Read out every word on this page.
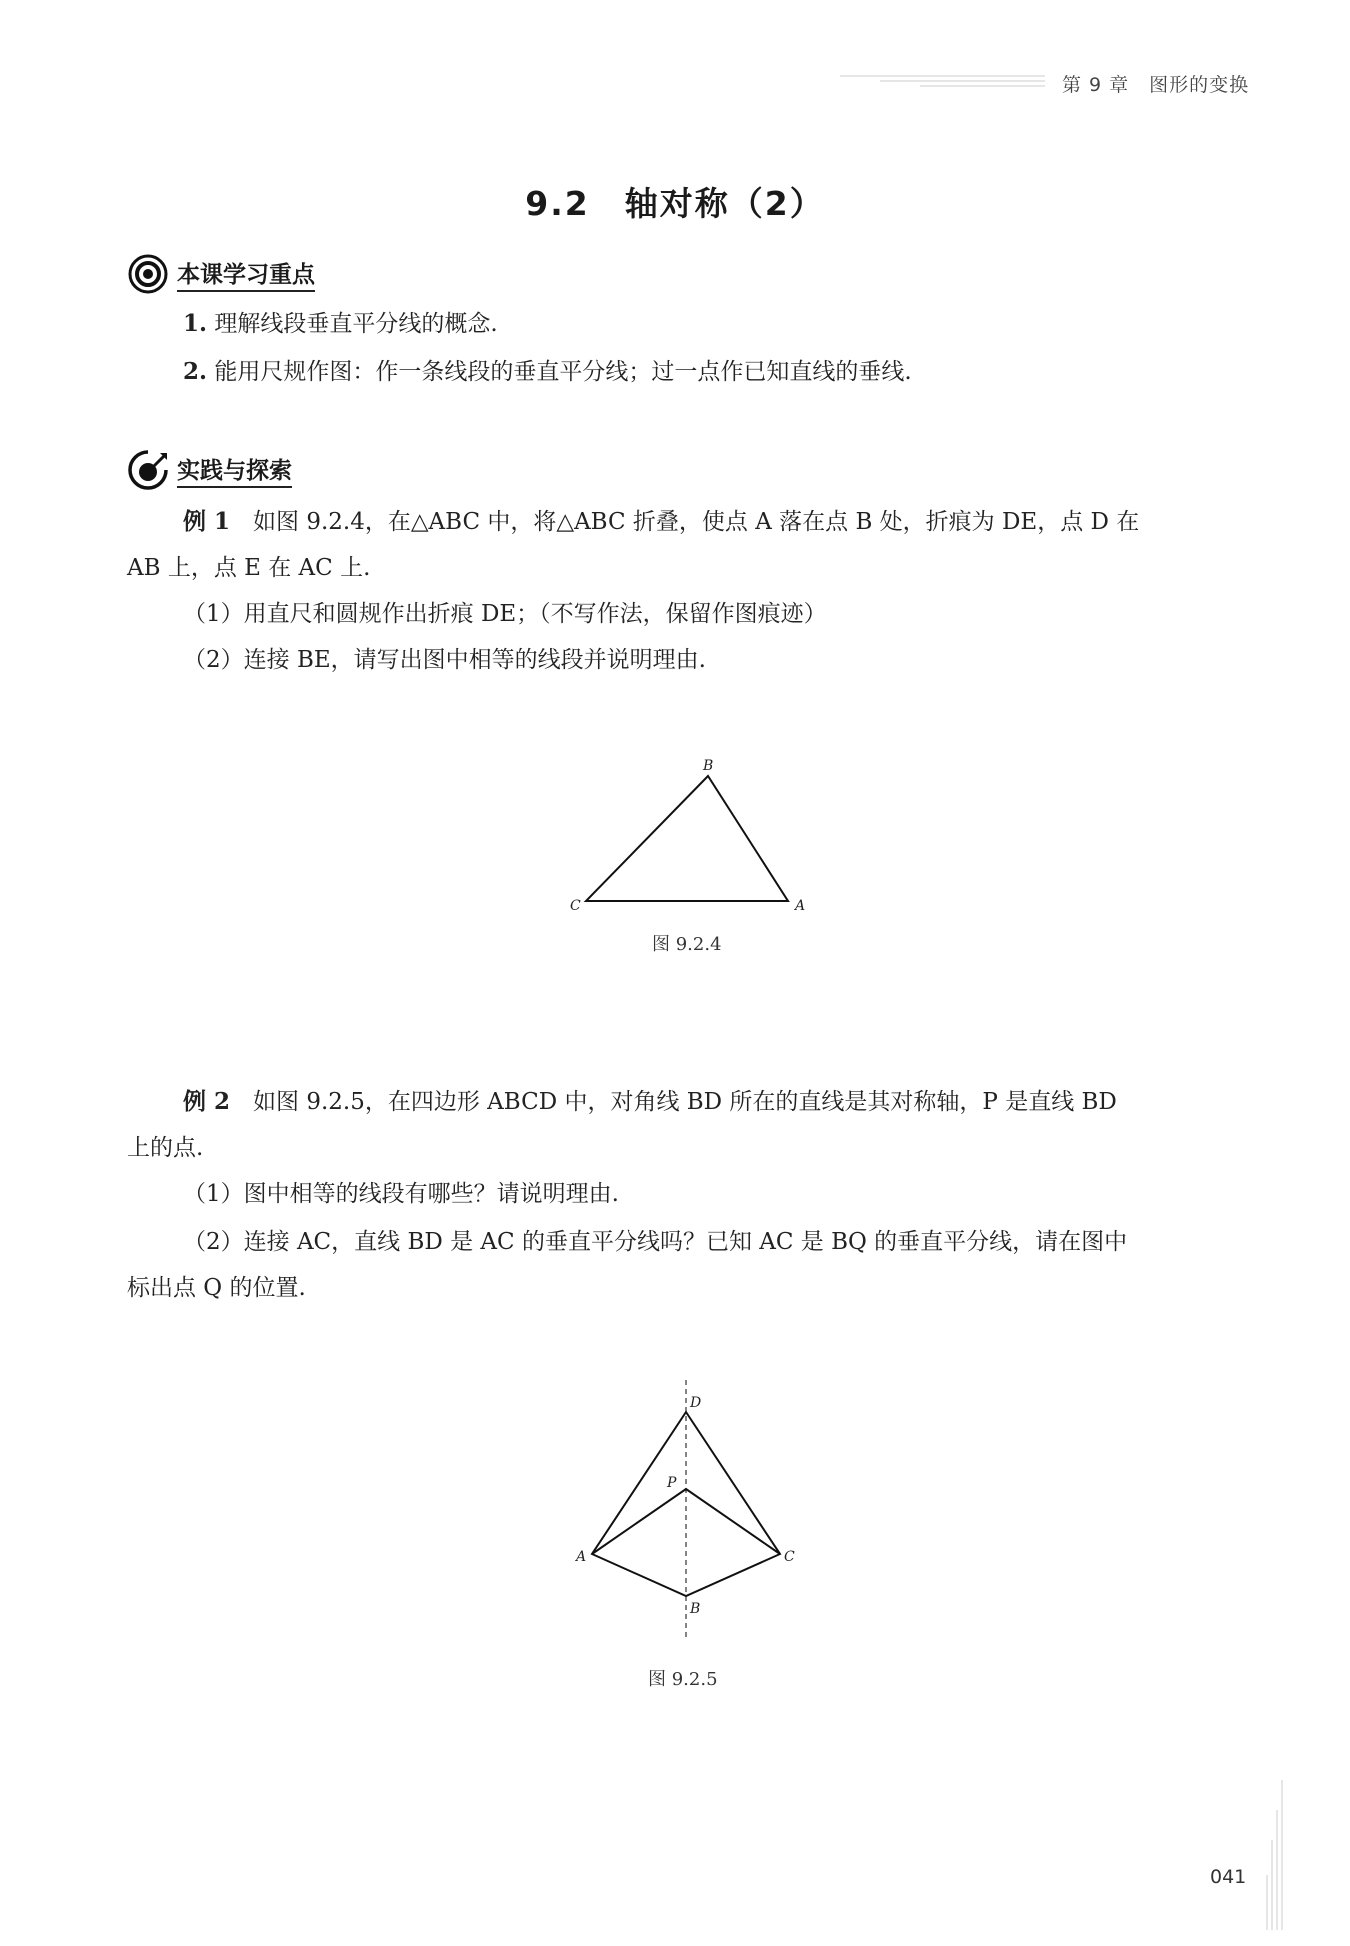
第 9 章　图形的变换
9.2　轴对称（2）
本课学习重点
1. 理解线段垂直平分线的概念.
2. 能用尺规作图：作一条线段的垂直平分线；过一点作已知直线的垂线.
实践与探索
例 1　 如图 9.2.4，在△ABC 中，将△ABC 折叠，使点 A 落在点 B 处，折痕为 DE，点 D 在
AB 上，点 E 在 AC 上.
（1）用直尺和圆规作出折痕 DE；（不写作法，保留作图痕迹）
（2）连接 BE，请写出图中相等的线段并说明理由.
B
C	A
图 9.2.4
例 2　 如图 9.2.5，在四边形 ABCD 中，对角线 BD 所在的直线是其对称轴，P 是直线 BD
上的点.
（1）图中相等的线段有哪些？请说明理由.
（2）连接 AC，直线 BD 是 AC 的垂直平分线吗？已知 AC 是 BQ 的垂直平分线，请在图中
标出点 Q 的位置.
D
P
A	C
B
图 9.2.5
041
